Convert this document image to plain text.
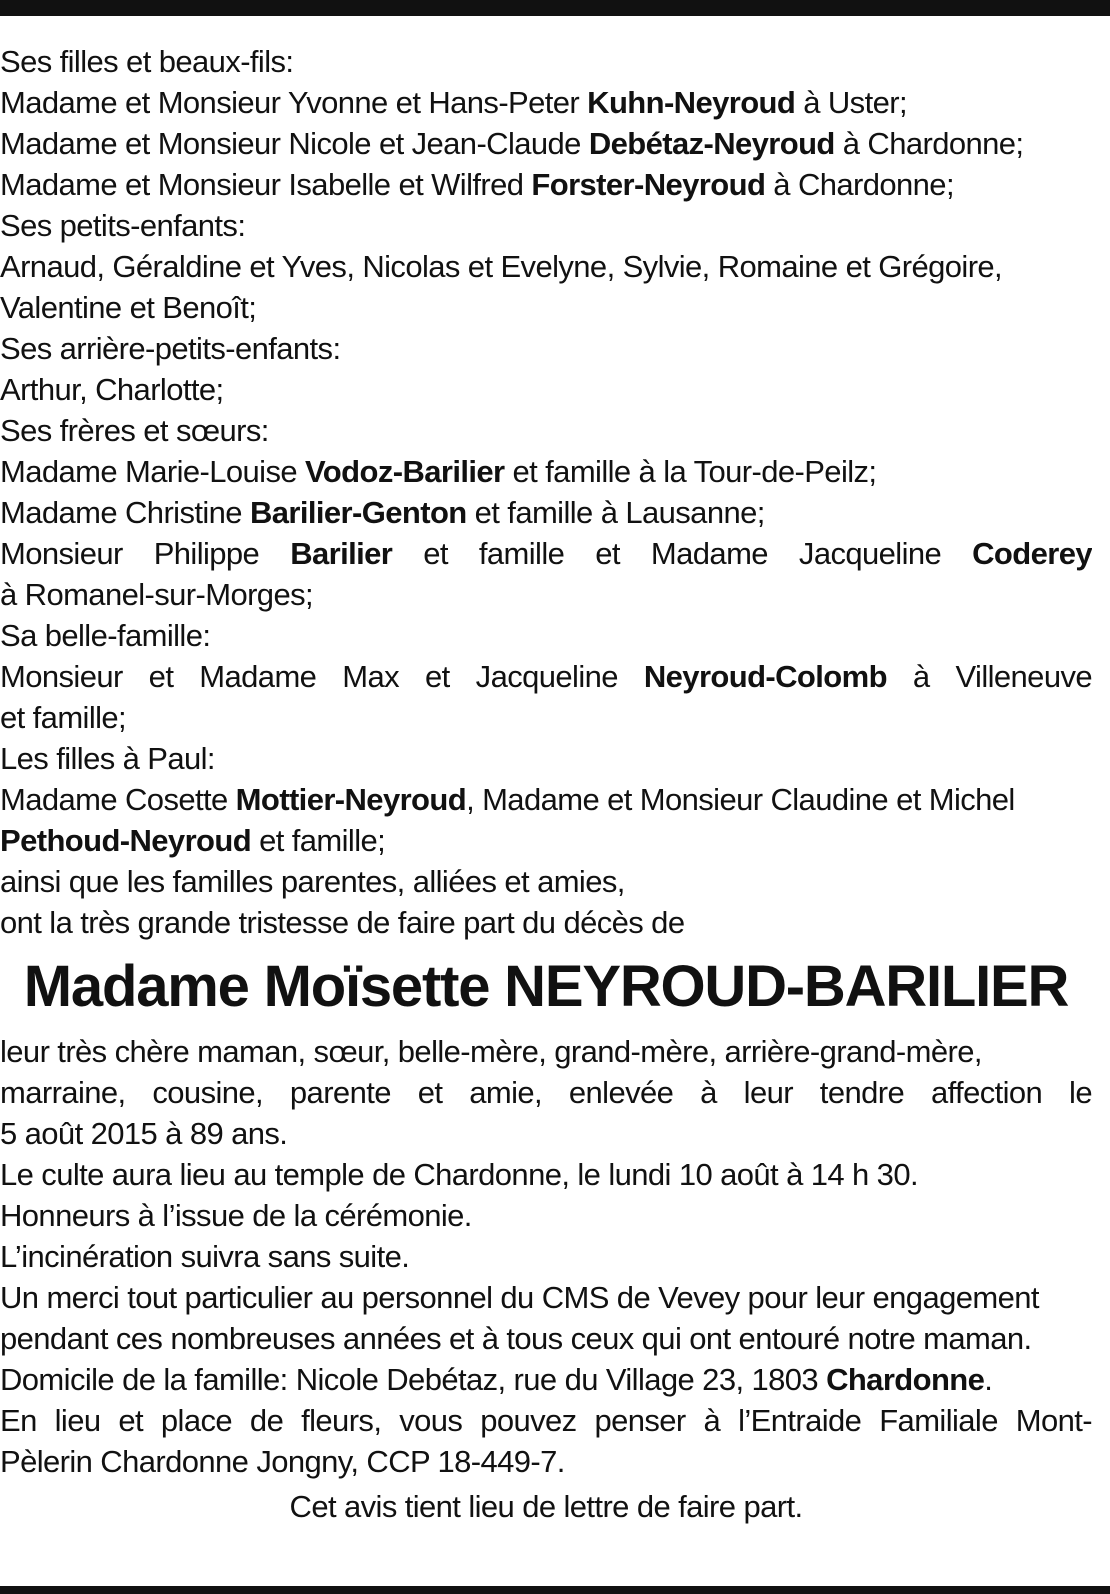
Ses filles et beaux-fils:
Madame et Monsieur Yvonne et Hans-Peter Kuhn-Neyroud à Uster;
Madame et Monsieur Nicole et Jean-Claude Debétaz-Neyroud à Chardonne;
Madame et Monsieur Isabelle et Wilfred Forster-Neyroud à Chardonne;
Ses petits-enfants:
Arnaud, Géraldine et Yves, Nicolas et Evelyne, Sylvie, Romaine et Grégoire,
Valentine et Benoît;
Ses arrière-petits-enfants:
Arthur, Charlotte;
Ses frères et sœurs:
Madame Marie-Louise Vodoz-Barilier et famille à la Tour-de-Peilz;
Madame Christine Barilier-Genton et famille à Lausanne;
Monsieur Philippe Barilier et famille et Madame Jacqueline Coderey
à Romanel-sur-Morges;
Sa belle-famille:
Monsieur et Madame Max et Jacqueline Neyroud-Colomb à Villeneuve
et famille;
Les filles à Paul:
Madame Cosette Mottier-Neyroud, Madame et Monsieur Claudine et Michel
Pethoud-Neyroud et famille;
ainsi que les familles parentes, alliées et amies,
ont la très grande tristesse de faire part du décès de
Madame Moïsette NEYROUD-BARILIER
leur très chère maman, sœur, belle-mère, grand-mère, arrière-grand-mère,
marraine, cousine, parente et amie, enlevée à leur tendre affection le
5 août 2015 à 89 ans.
Le culte aura lieu au temple de Chardonne, le lundi 10 août à 14 h 30.
Honneurs à l’issue de la cérémonie.
L’incinération suivra sans suite.
Un merci tout particulier au personnel du CMS de Vevey pour leur engagement
pendant ces nombreuses années et à tous ceux qui ont entouré notre maman.
Domicile de la famille: Nicole Debétaz, rue du Village 23, 1803 Chardonne.
En lieu et place de fleurs, vous pouvez penser à l’Entraide Familiale Mont-
Pèlerin Chardonne Jongny, CCP 18-449-7.
Cet avis tient lieu de lettre de faire part.
